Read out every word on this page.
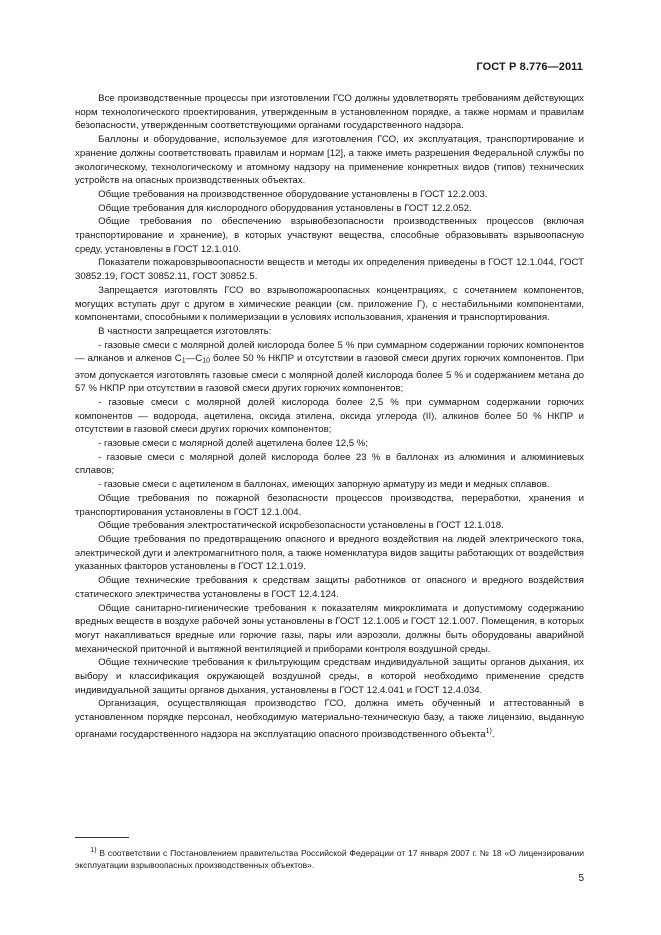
ГОСТ Р 8.776—2011

Все производственные процессы при изготовлении ГСО должны удовлетворять требованиям действующих норм технологического проектирования, утвержденным в установленном порядке, а также нормам и правилам безопасности, утвержденным соответствующими органами государственного надзора.

Баллоны и оборудование, используемое для изготовления ГСО, их эксплуатация, транспортирование и хранение должны соответствовать правилам и нормам [12], а также иметь разрешения Федеральной службы по экологическому, технологическому и атомному надзору на применение конкретных видов (типов) технических устройств на опасных производственных объектах.

Общие требования на производственное оборудование установлены в ГОСТ 12.2.003.

Общие требования для кислородного оборудования установлены в ГОСТ 12.2.052.

Общие требования по обеспечению взрывобезопасности производственных процессов (включая транспортирование и хранение), в которых участвуют вещества, способные образовывать взрывоопасную среду, установлены в ГОСТ 12.1.010.

Показатели пожаровзрывоопасности веществ и методы их определения приведены в ГОСТ 12.1.044, ГОСТ 30852.19, ГОСТ 30852.11, ГОСТ 30852.5.

Запрещается изготовлять ГСО во взрывопожароопасных концентрациях, с сочетанием компонентов, могущих вступать друг с другом в химические реакции (см. приложение Г), с нестабильными компонентами, компонентами, способными к полимеризации в условиях использования, хранения и транспортирования.

В частности запрещается изготовлять:

- газовые смеси с молярной долей кислорода более 5 % при суммарном содержании горючих компонентов — алканов и алкенов $C_1—C_{10}$ более 50 % НКПР и отсутствии в газовой смеси других горючих компонентов. При этом допускается изготовлять газовые смеси с молярной долей кислорода более 5 % и содержанием метана до 57 % НКПР при отсутствии в газовой смеси других горючих компонентов;

- газовые смеси с молярной долей кислорода более 2,5 % при суммарном содержании горючих компонентов — водорода, ацетилена, оксида этилена, оксида углерода (II), алкинов более 50 % НКПР и отсутствии в газовой смеси других горючих компонентов;

- газовые смеси с молярной долей ацетилена более 12,5 %;

- газовые смеси с молярной долей кислорода более 23 % в баллонах из алюминия и алюминиевых сплавов;

- газовые смеси с ацетиленом в баллонах, имеющих запорную арматуру из меди и медных сплавов.

Общие требования по пожарной безопасности процессов производства, переработки, хранения и транспортирования установлены в ГОСТ 12.1.004.

Общие требования электростатической искробезопасности установлены в ГОСТ 12.1.018.

Общие требования по предотвращению опасного и вредного воздействия на людей электрического тока, электрической дуги и электромагнитного поля, а также номенклатура видов защиты работающих от воздействия указанных факторов установлены в ГОСТ 12.1.019.

Общие технические требования к средствам защиты работников от опасного и вредного воздействия статического электричества установлены в ГОСТ 12.4.124.

Общие санитарно-гигиенические требования к показателям микроклимата и допустимому содержанию вредных веществ в воздухе рабочей зоны установлены в ГОСТ 12.1.005 и ГОСТ 12.1.007. Помещения, в которых могут накапливаться вредные или горючие газы, пары или аэрозоли, должны быть оборудованы аварийной механической приточной и вытяжной вентиляцией и приборами контроля воздушной среды.

Общие технические требования к фильтрующим средствам индивидуальной защиты органов дыхания, их выбору и классификация окружающей воздушной среды, в которой необходимо применение средств индивидуальной защиты органов дыхания, установлены в ГОСТ 12.4.041 и ГОСТ 12.4.034.

Организация, осуществляющая производство ГСО, должна иметь обученный и аттестованный в установленном порядке персонал, необходимую материально-техническую базу, а также лицензию, выданную органами государственного надзора на эксплуатацию опасного производственного объекта$^{1)}$.

$^{1)}$ В соответствии с Постановлением правительства Российской Федерации от 17 января 2007 г. № 18 «О лицензировании эксплуатации взрывоопасных производственных объектов».
5
